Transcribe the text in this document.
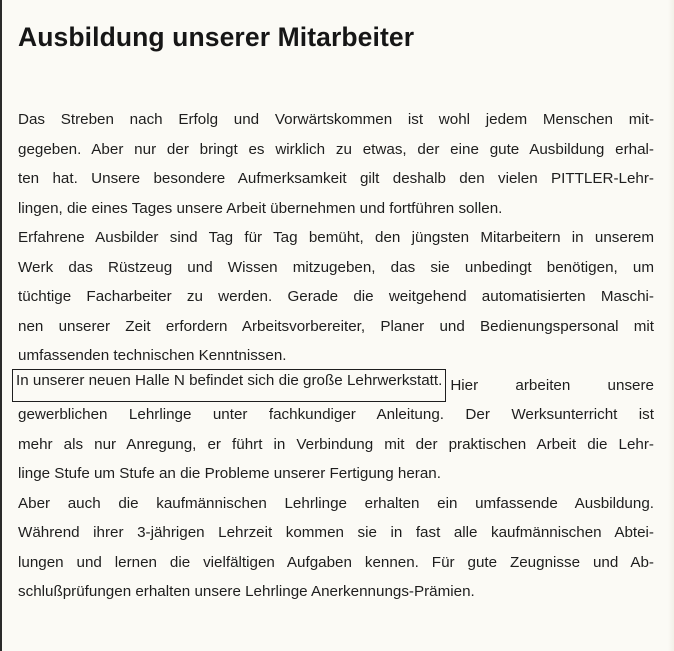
Ausbildung unserer Mitarbeiter
Das Streben nach Erfolg und Vorwärtskommen ist wohl jedem Menschen mit-
gegeben. Aber nur der bringt es wirklich zu etwas, der eine gute Ausbildung erhal-
ten hat. Unsere besondere Aufmerksamkeit gilt deshalb den vielen PITTLER-Lehr-
lingen, die eines Tages unsere Arbeit übernehmen und fortführen sollen.
Erfahrene Ausbilder sind Tag für Tag bemüht, den jüngsten Mitarbeitern in unserem
Werk das Rüstzeug und Wissen mitzugeben, das sie unbedingt benötigen, um
tüchtige Facharbeiter zu werden. Gerade die weitgehend automatisierten Maschi-
nen unserer Zeit erfordern Arbeitsvorbereiter, Planer und Bedienungspersonal mit
umfassenden technischen Kenntnissen.
In unserer neuen Halle N befindet sich die große Lehrwerkstatt. Hier arbeiten unsere
gewerblichen Lehrlinge unter fachkundiger Anleitung. Der Werksunterricht ist
mehr als nur Anregung, er führt in Verbindung mit der praktischen Arbeit die Lehr-
linge Stufe um Stufe an die Probleme unserer Fertigung heran.
Aber auch die kaufmännischen Lehrlinge erhalten ein umfassende Ausbildung.
Während ihrer 3-jährigen Lehrzeit kommen sie in fast alle kaufmännischen Abtei-
lungen und lernen die vielfältigen Aufgaben kennen. Für gute Zeugnisse und Ab-
schlußprüfungen erhalten unsere Lehrlinge Anerkennungs-Prämien.
